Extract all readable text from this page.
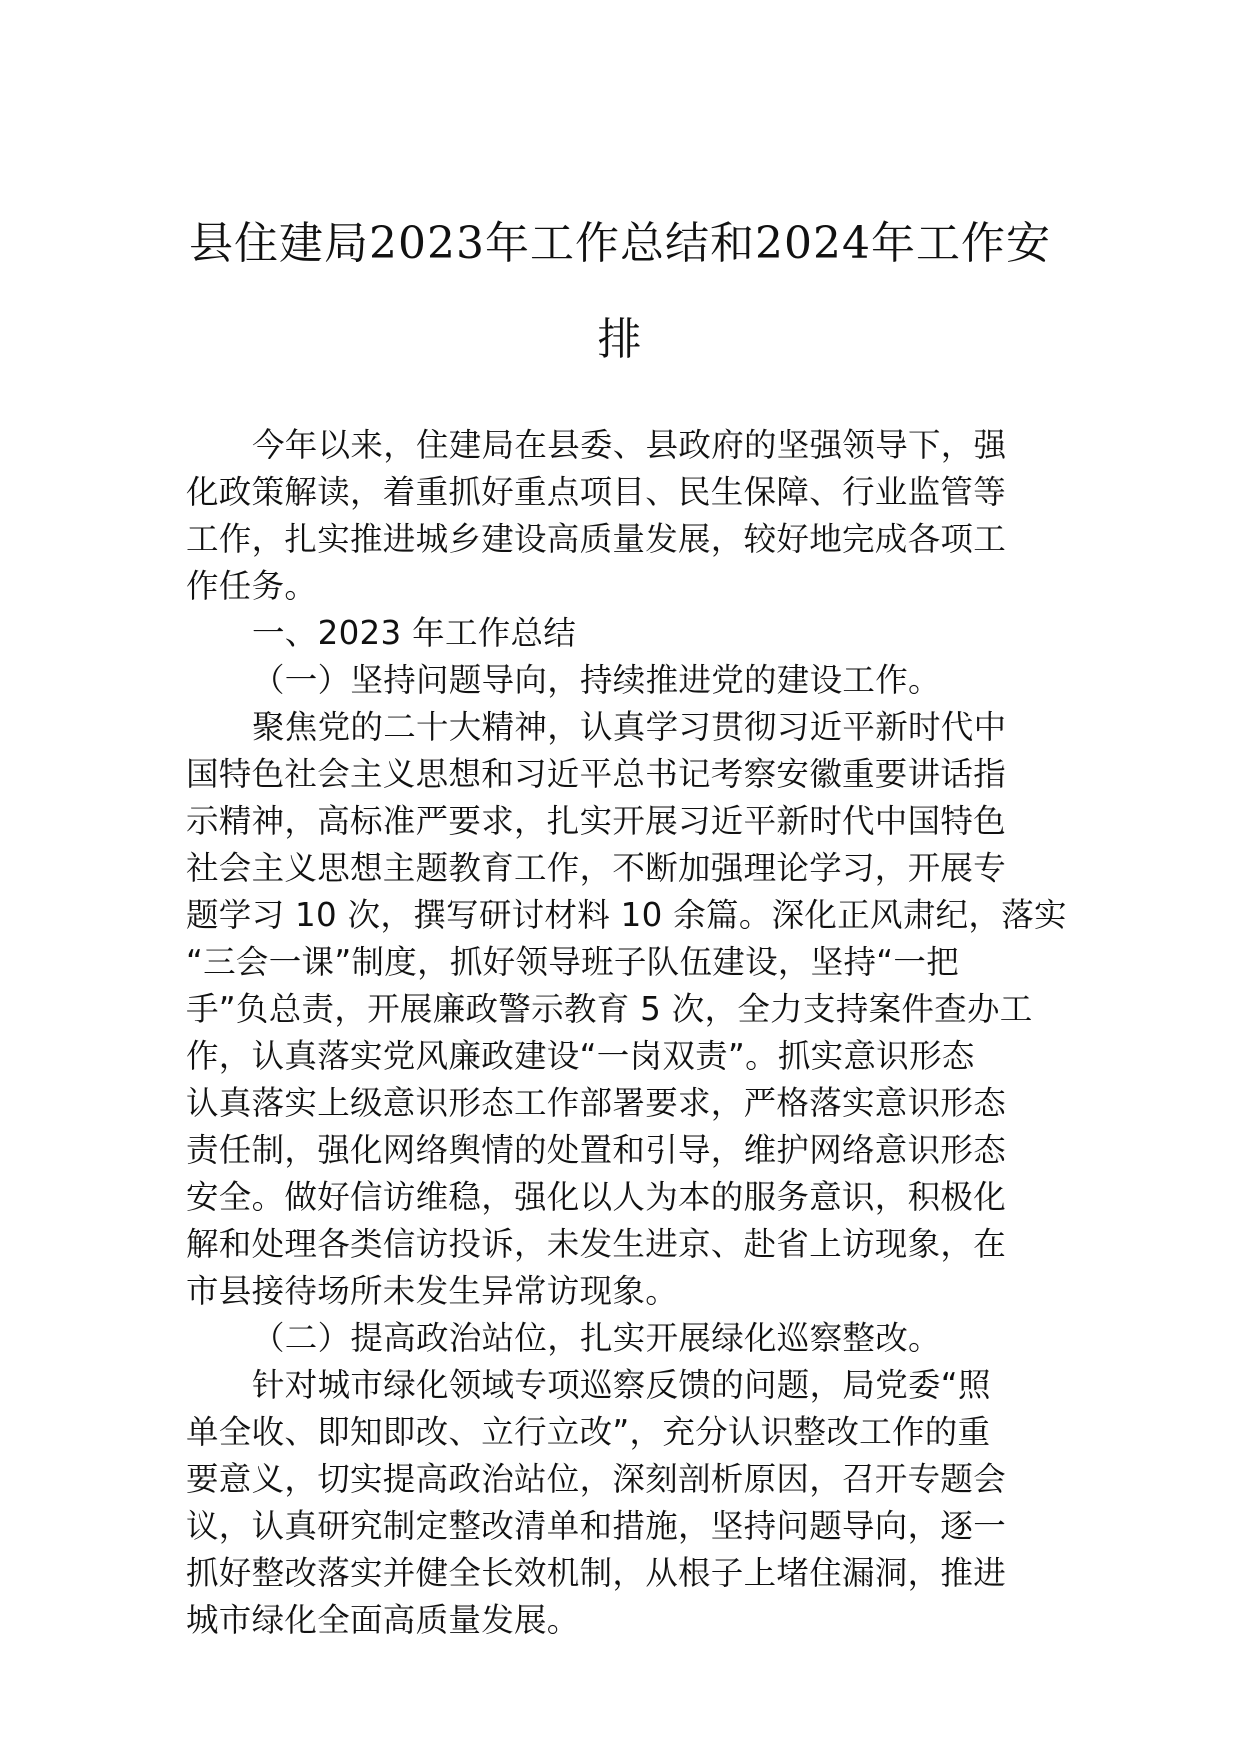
县住建局2023年工作总结和2024年工作安
排
今年以来，住建局在县委、县政府的坚强领导下，强
化政策解读，着重抓好重点项目、民生保障、行业监管等
工作，扎实推进城乡建设高质量发展，较好地完成各项工
作任务。
一、2023 年工作总结
（一）坚持问题导向，持续推进党的建设工作。
聚焦党的二十大精神，认真学习贯彻习近平新时代中
国特色社会主义思想和习近平总书记考察安徽重要讲话指
示精神，高标准严要求，扎实开展习近平新时代中国特色
社会主义思想主题教育工作，不断加强理论学习，开展专
题学习 10 次，撰写研讨材料 10 余篇。深化正风肃纪，落实
“三会一课”制度，抓好领导班子队伍建设，坚持“一把
手”负总责，开展廉政警示教育 5 次，全力支持案件查办工
作，认真落实党风廉政建设“一岗双责”。抓实意识形态
认真落实上级意识形态工作部署要求，严格落实意识形态
责任制，强化网络舆情的处置和引导，维护网络意识形态
安全。做好信访维稳，强化以人为本的服务意识，积极化
解和处理各类信访投诉，未发生进京、赴省上访现象，在
市县接待场所未发生异常访现象。
（二）提高政治站位，扎实开展绿化巡察整改。
针对城市绿化领域专项巡察反馈的问题，局党委“照
单全收、即知即改、立行立改”，充分认识整改工作的重
要意义，切实提高政治站位，深刻剖析原因，召开专题会
议，认真研究制定整改清单和措施，坚持问题导向，逐一
抓好整改落实并健全长效机制，从根子上堵住漏洞，推进
城市绿化全面高质量发展。
